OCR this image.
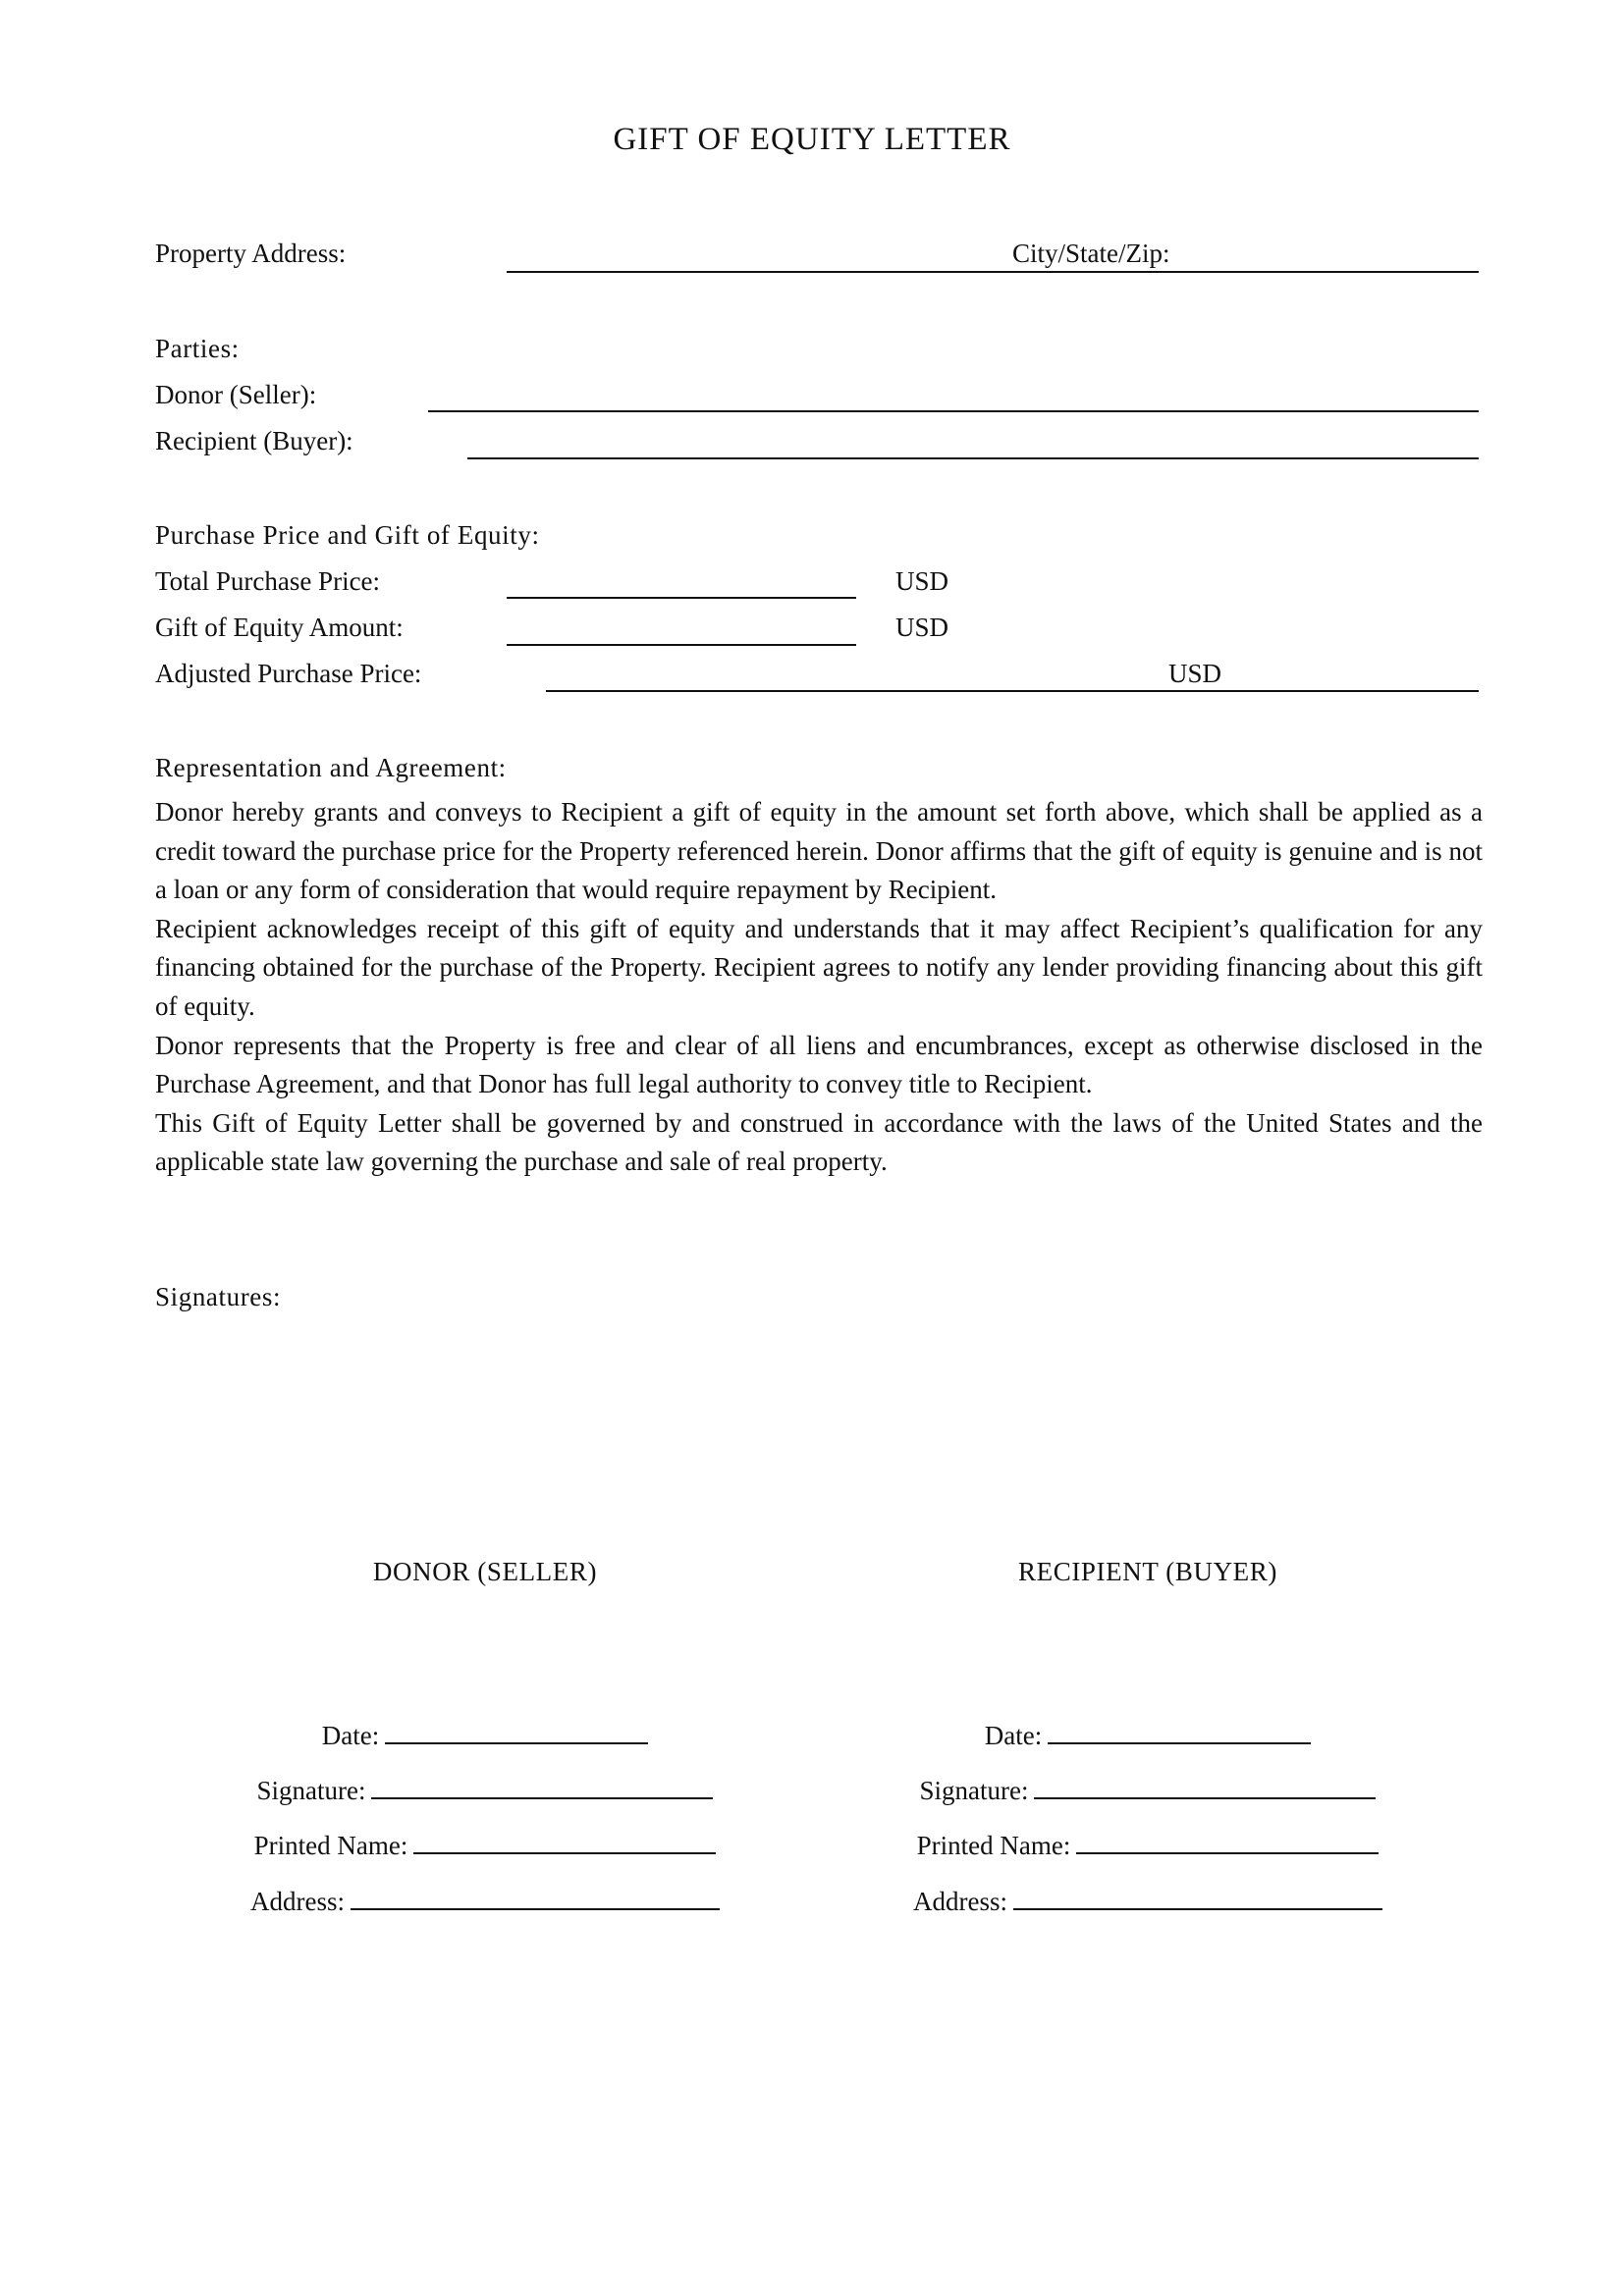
GIFT OF EQUITY LETTER
Property Address:	City/State/Zip:
Parties:
Donor (Seller):
Recipient (Buyer):
Purchase Price and Gift of Equity:
Total Purchase Price:	USD
Gift of Equity Amount:	USD
Adjusted Purchase Price:	USD
Representation and Agreement:

Donor hereby grants and conveys to Recipient a gift of equity in the amount set forth above, which shall be applied as a credit toward the purchase price for the Property referenced herein. Donor affirms that the gift of equity is genuine and is not a loan or any form of consideration that would require repayment by Recipient.

Recipient acknowledges receipt of this gift of equity and understands that it may affect Recipient’s qualification for any financing obtained for the purchase of the Property. Recipient agrees to notify any lender providing financing about this gift of equity.

Donor represents that the Property is free and clear of all liens and encumbrances, except as otherwise disclosed in the Purchase Agreement, and that Donor has full legal authority to convey title to Recipient.

This Gift of Equity Letter shall be governed by and construed in accordance with the laws of the United States and the applicable state law governing the purchase and sale of real property.

Signatures:
DONOR (SELLER)
Date:
Signature:
Printed Name:
Address:
RECIPIENT (BUYER)
Date:
Signature:
Printed Name:
Address:
